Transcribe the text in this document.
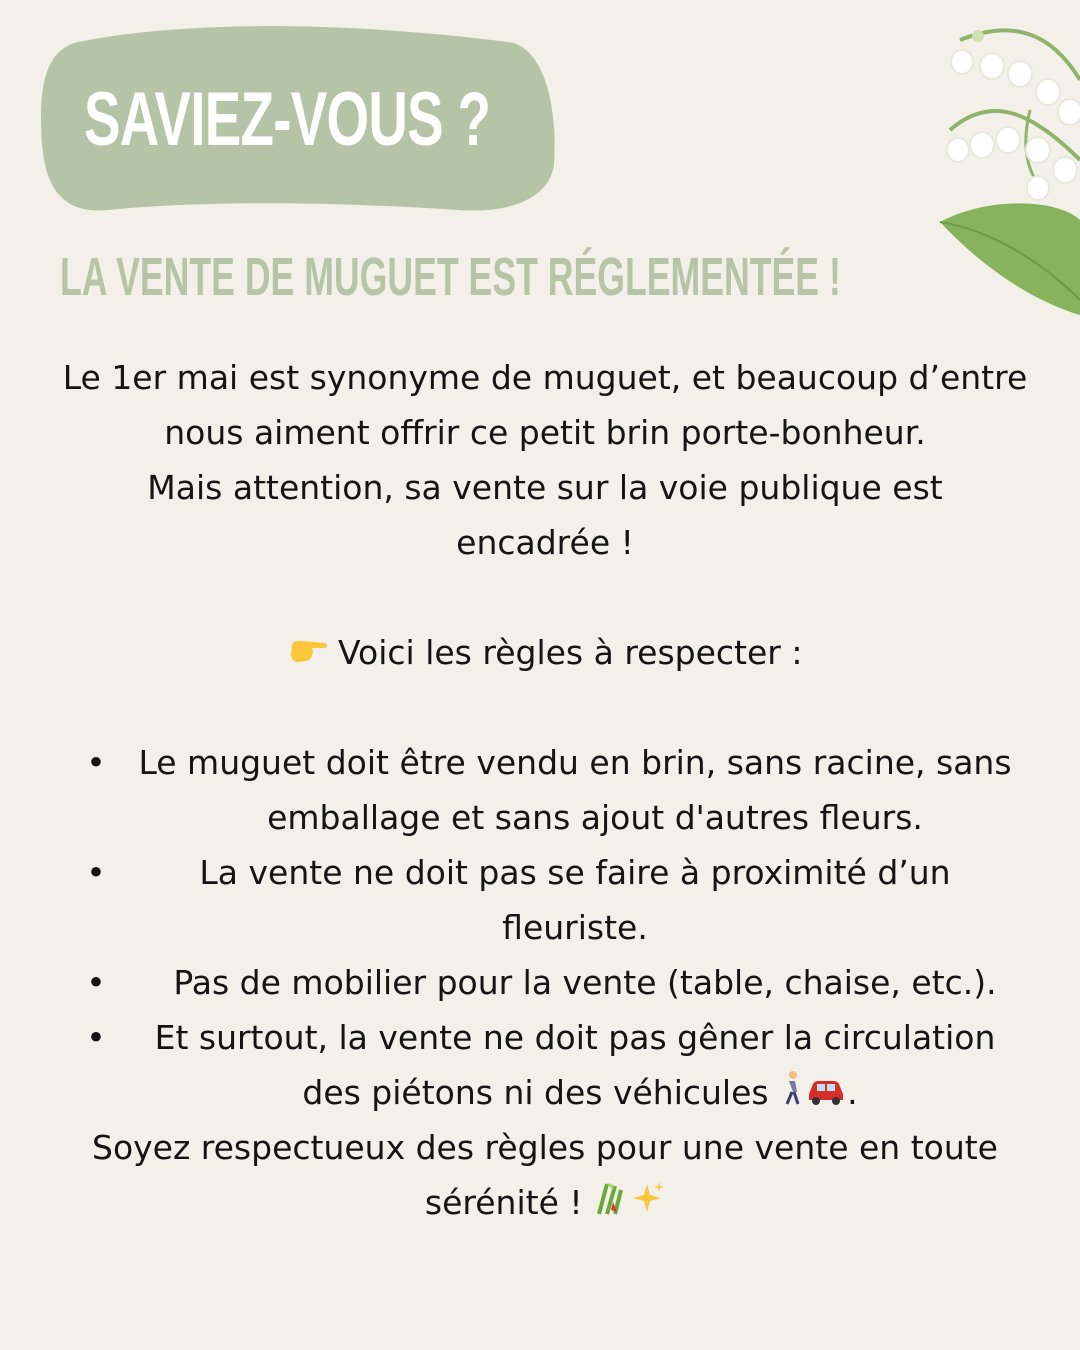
SAVIEZ-VOUS ?
LA VENTE DE MUGUET EST RÉGLEMENTÉE !
Le 1er mai est synonyme de muguet, et beaucoup d’entre
nous aiment offrir ce petit brin porte-bonheur.
Mais attention, sa vente sur la voie publique est
encadrée !
Voici les règles à respecter :
• Le muguet doit être vendu en brin, sans racine, sans
emballage et sans ajout d'autres fleurs.
•	La vente ne doit pas se faire à proximité d’un
fleuriste.
•	Pas de mobilier pour la vente (table, chaise, etc.).
•	Et surtout, la vente ne doit pas gêner la circulation
des piétons ni des véhicules .
Soyez respectueux des règles pour une vente en toute
sérénité !
